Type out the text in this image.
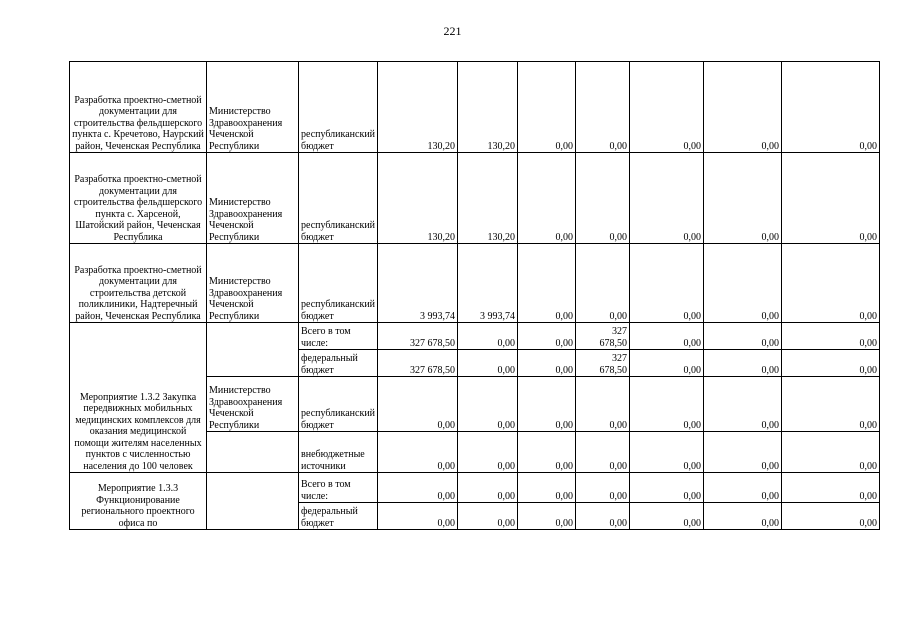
221
Разработка проектно-сметной документации для строительства фельдшерского пункта с. Кречетово, Наурский район, Чеченская Республика	Министерство Здравоохранения Чеченской Республики	республиканский бюджет	130,20	130,20	0,00	0,00	0,00	0,00	0,00
Разработка проектно-сметной документации для строительства фельдшерского пункта с. Харсеной, Шатойский район, Чеченская Республика	Министерство Здравоохранения Чеченской Республики	республиканский бюджет	130,20	130,20	0,00	0,00	0,00	0,00	0,00
Разработка проектно-сметной документации для строительства детской поликлиники, Надтеречный район, Чеченская Республика	Министерство Здравоохранения Чеченской Республики	республиканский бюджет	3 993,74	3 993,74	0,00	0,00	0,00	0,00	0,00
Мероприятие 1.3.2 Закупка передвижных мобильных медицинских комплексов для оказания медицинской помощи жителям населенных пунктов с численностью населения до 100 человек		Всего в том числе:	327 678,50	0,00	0,00	327 678,50	0,00	0,00	0,00
		федеральный бюджет	327 678,50	0,00	0,00	327 678,50	0,00	0,00	0,00
	Министерство Здравоохранения Чеченской Республики	республиканский бюджет	0,00	0,00	0,00	0,00	0,00	0,00	0,00
		внебюджетные источники	0,00	0,00	0,00	0,00	0,00	0,00	0,00

Мероприятие 1.3.3 Функционирование регионального проектного офиса по		Всего в том числе:	0,00	0,00	0,00	0,00	0,00	0,00	0,00
		федеральный бюджет	0,00	0,00	0,00	0,00	0,00	0,00	0,00
